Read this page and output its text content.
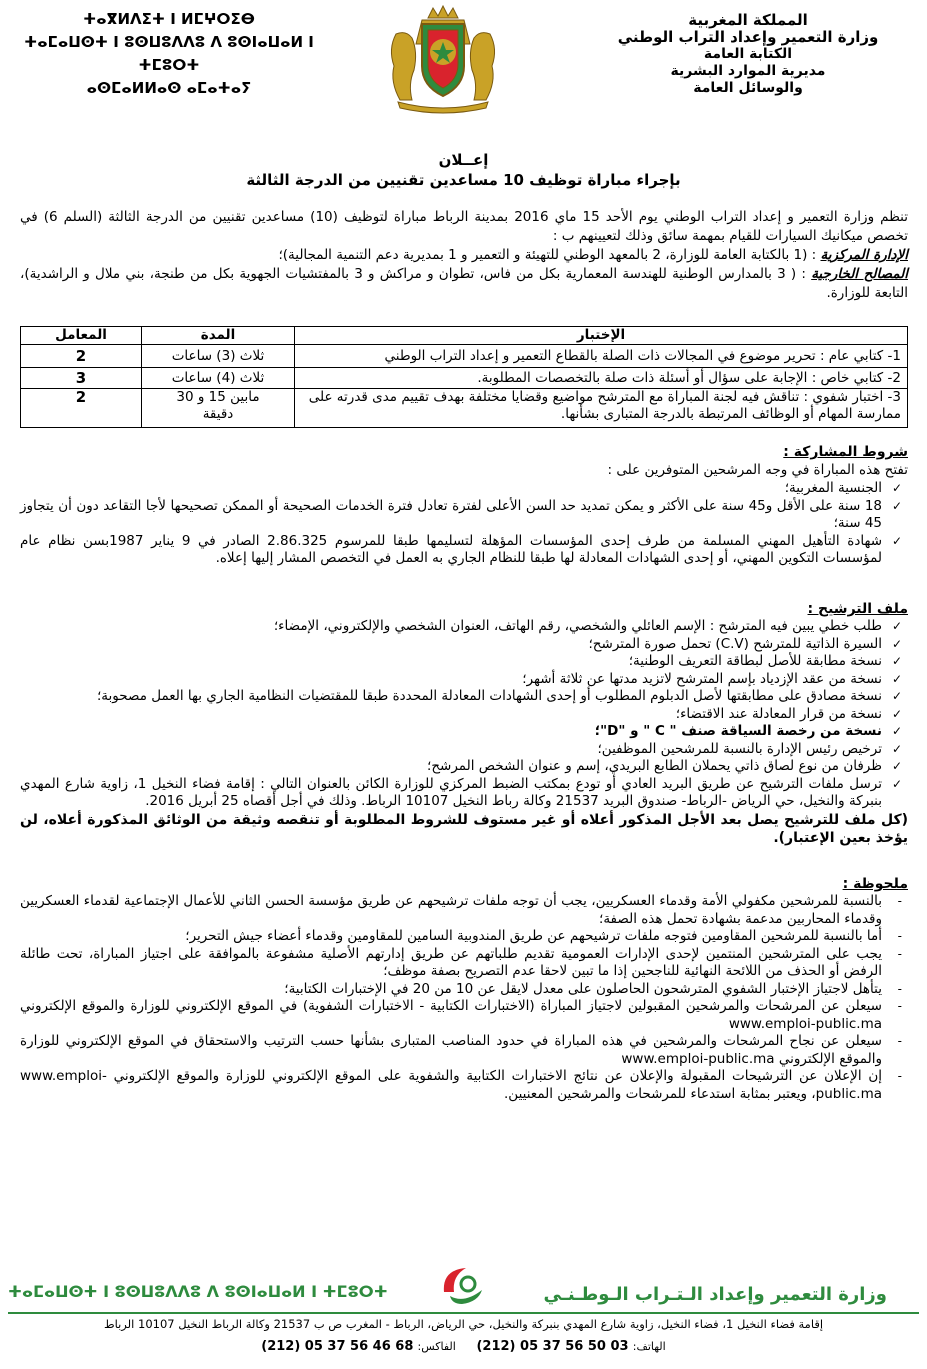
ⵜⴰⴳⵍⴷⵉⵜ ⵏ ⵍⵎⵖⵔⵉⴱ
ⵜⴰⵎⴰⵡⵙⵜ ⵏ ⵓⵙⵡⵓⴷⴷⵓ ⴷ ⵓⵙⵏⴰⵡⴰⵍ ⵏ ⵜⵎⵓⵔⵜ
ⴰⵙⵎⴰⵍⵍⴰⵙ ⴰⵎⴰⵜⴰⵢ
المملكة المغربية
وزارة التعمير وإعداد التراب الوطني
الكتابة العامة
مديرية الموارد البشرية
والوسائل العامة
إعــلان
بإجراء مباراة توظيف 10 مساعدين تقنيين من الدرجة الثالثة

تنظم وزارة التعمير و إعداد التراب الوطني يوم الأحد 15 ماي 2016 بمدينة الرباط مباراة لتوظيف (10) مساعدين تقنيين من الدرجة الثالثة (السلم 6) في تخصص ميكانيك السيارات للقيام بمهمة سائق وذلك لتعيينهم ب :

الإدارة المركزية : (1 بالكتابة العامة للوزارة، 2 بالمعهد الوطني للتهيئة و التعمير و 1 بمديرية دعم التنمية المجالية)؛

المصالح الخارجية : ( 3 بالمدارس الوطنية للهندسة المعمارية بكل من فاس، تطوان و مراكش و 3 بالمفتشيات الجهوية بكل من طنجة، بني ملال و الراشدية)، التابعة للوزارة.

الإختبار	المدة	المعامل
1- كتابي عام : تحرير موضوع في المجالات ذات الصلة بالقطاع التعمير و إعداد التراب الوطني	ثلاث (3) ساعات	2
2- كتابي خاص : الإجابة على سؤال أو أسئلة ذات صلة بالتخصصات المطلوبة.	ثلاث (4) ساعات	3
3- اختبار شفوي : تناقش فيه لجنة المباراة مع المترشح مواضيع وقضايا مختلفة بهدف تقييم مدى قدرته على ممارسة المهام أو الوظائف المرتبطة بالدرجة المتبارى بشأنها.	مابين 15 و 30 دقيقة	2
شروط المشاركة :

تفتح هذه المباراة في وجه المرشحين المتوفرين على :

✓
الجنسية المغربية؛
✓
18 سنة على الأقل و45 سنة على الأكثر و يمكن تمديد حد السن الأعلى لفترة تعادل فترة الخدمات الصحيحة أو الممكن تصحيحها لأجا التقاعد دون أن يتجاوز 45 سنة؛
✓
شهادة التأهيل المهني المسلمة من طرف إحدى المؤسسات المؤهلة لتسليمها طبقا للمرسوم 2.86.325 الصادر في 9 يناير 1987بسن نظام عام لمؤسسات التكوين المهني، أو إحدى الشهادات المعادلة لها طبقا للنظام الجاري به العمل في التخصص المشار إليها إعلاه.
ملف الترشيح :
✓
طلب خطي يبين فيه المترشح : الإسم العائلي والشخصي، رقم الهاتف، العنوان الشخصي والإلكتروني، الإمضاء؛
✓
السيرة الذاتية للمترشح (C.V) تحمل صورة المترشح؛
✓
نسخة مطابقة للأصل لبطاقة التعريف الوطنية؛
✓
نسخة من عقد الإزدياد بإسم المترشح لاتزيد مدتها عن ثلاثة أشهر؛
✓
نسخة مصادق على مطابقتها لأصل الدبلوم المطلوب أو إحدى الشهادات المعادلة المحددة طبقا للمقتضيات النظامية الجاري بها العمل مصحوبة؛
✓
نسخة من قرار المعادلة عند الاقتضاء؛
✓
نسخة من رخصة السياقة صنف " C " و "D"؛
✓
ترخيص رئيس الإدارة بالنسبة للمرشحين الموظفين؛
✓
ظرفان من نوع لصاق ذاتي يحملان الطابع البريدي، إسم و عنوان الشخص المرشح؛
✓
ترسل ملفات الترشيح عن طريق البريد العادي أو تودع بمكتب الضبط المركزي للوزارة الكائن بالعنوان التالي : إقامة فضاء النخيل 1، زاوية شارع المهدي بنبركة والنخيل، حي الرياض -الرباط- صندوق البريد 21537 وكالة رباط النخيل 10107 الرباط. وذلك في أجل أقصاه 25 أبريل 2016.

(كل ملف للترشيح يصل بعد الأجل المذكور أعلاه أو غير مستوف للشروط المطلوبة أو تنقصه وثيقة من الوثائق المذكورة أعلاه، لن يؤخذ بعين الإعتبار).

ملحوظة :
-
بالنسبة للمرشحين مكفولي الأمة وقدماء العسكريين، يجب أن توجه ملفات ترشيحهم عن طريق مؤسسة الحسن الثاني للأعمال الإجتماعية لقدماء العسكريين وقدماء المحاربين مدعمة بشهادة تحمل هذه الصفة؛
-
أما بالنسبة للمرشحين المقاومين فتوجه ملفات ترشيحهم عن طريق المندوبية السامين للمقاومين وقدماء أعضاء جيش التحرير؛
-
يجب على المترشحين المنتمين لإحدى الإدارات العمومية تقديم طلباتهم عن طريق إدارتهم الأصلية مشفوعة بالموافقة على اجتياز المباراة، تحت طائلة الرفض أو الحذف من اللائحة النهائية للناجحين إذا ما تبين لاحقا عدم التصريح بصفة موظف؛
-
يتأهل لاجتياز الإختبار الشفوي المترشحون الحاصلون على معدل لايقل عن 10 من 20 في الإختبارات الكتابية؛
-
سيعلن عن المرشحات والمرشحين المقبولين لاجتياز المباراة (الاختبارات الكتابية - الاختبارات الشفوية) في الموقع الإلكتروني للوزارة والموقع الإلكتروني www.emploi-public.ma
-
سيعلن عن نجاح المرشحات والمرشحين في هذه المباراة في حدود المناصب المتبارى بشأنها حسب الترتيب والاستحقاق في الموقع الإلكتروني للوزارة والموقع الإلكتروني www.emploi-public.ma
-
إن الإعلان عن الترشيحات المقبولة والإعلان عن نتائج الاختبارات الكتابية والشفوية على الموقع الإلكتروني للوزارة والموقع الإلكتروني www.emploi-public.ma، ويعتبر بمثابة استدعاء للمرشحات والمرشحين المعنيين.
ⵜⴰⵎⴰⵡⵙⵜ ⵏ ⵓⵙⵡⵓⴷⴷⵓ ⴷ ⵓⵙⵏⴰⵡⴰⵍ ⵏ ⵜⵎⵓⵔⵜ	وزارة التعمير وإعداد الـتـراب الـوطـنـي
إقامة فضاء النخيل 1، فضاء النخيل، زاوية شارع المهدي بنبركة والنخيل، حي الرياض، الرباط - المغرب ص ب 21537 وكالة الرباط النخيل 10107 الرباط
الهاتف: (212) 05 37 56 50 03     الفاكس: (212) 05 37 56 46 68
